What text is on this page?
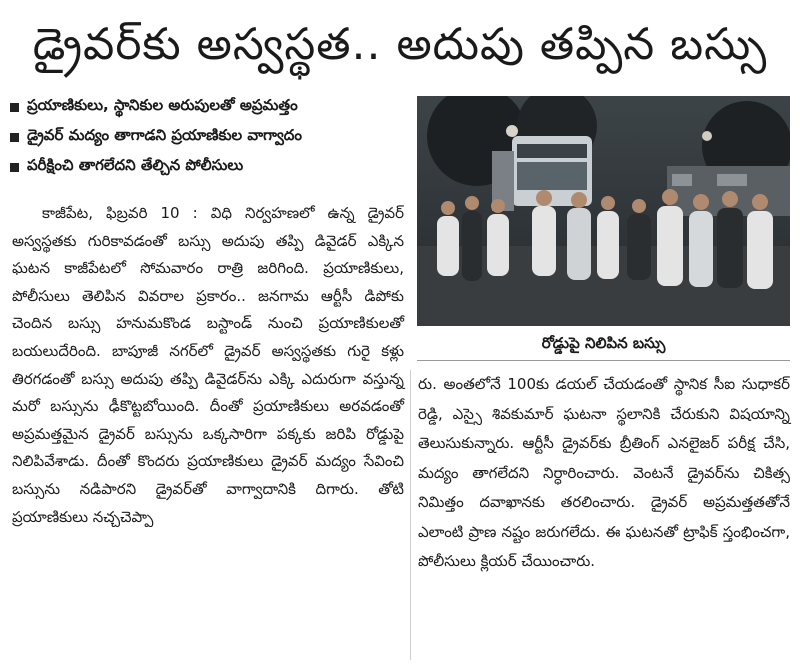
డ్రైవర్‌కు అస్వస్థత.. అదుపు తప్పిన బస్సు
ప్రయాణికులు, స్థానికుల అరుపులతో అప్రమత్తం
డ్రైవర్ మద్యం తాగాడని ప్రయాణికుల వాగ్వాదం
పరీక్షించి తాగలేదని తేల్చిన పోలీసులు
కాజీపేట, ఫిబ్రవరి 10 : విధి నిర్వహణలో ఉన్న డ్రైవర్ అస్వస్థతకు గురికావడంతో బస్సు అదుపు తప్పి డివైడర్ ఎక్కిన ఘటన కాజీపేటలో సోమవారం రాత్రి జరిగింది. ప్రయాణికులు, పోలీసులు తెలిపిన వివరాల ప్రకారం.. జనగామ ఆర్టీసీ డిపోకు చెందిన బస్సు హనుమకొండ బస్టాండ్ నుంచి ప్రయాణికులతో బయలుదేరింది. బాపూజీ నగర్‌లో డ్రైవర్ అస్వస్థతకు గురై కళ్లు తిరగడంతో బస్సు అదుపు తప్పి డివైడర్‌ను ఎక్కి ఎదురుగా వస్తున్న మరో బస్సును ఢీకొట్టబోయింది. దీంతో ప్రయాణికులు అరవడంతో అప్రమత్తమైన డ్రైవర్ బస్సును ఒక్కసారిగా పక్కకు జరిపి రోడ్డుపై నిలిపివేశాడు. దీంతో కొందరు ప్రయాణికులు డ్రైవర్ మద్యం సేవించి బస్సును నడిపారని డ్రైవర్‌తో వాగ్వాదానికి దిగారు. తోటి ప్రయాణికులు నచ్చచెప్పా
రోడ్డుపై నిలిపిన బస్సు
రు. అంతలోనే 100కు డయల్ చేయడంతో స్థానిక సీఐ సుధాకర్ రెడ్డి, ఎస్సై శివకుమార్ ఘటనా స్థలానికి చేరుకుని విషయాన్ని తెలుసుకున్నారు. ఆర్టీసీ డ్రైవర్‌కు బ్రీతింగ్ ఎనలైజర్ పరీక్ష చేసి, మద్యం తాగలేదని నిర్ధారించారు. వెంటనే డ్రైవర్‌ను చికిత్స నిమిత్తం దవాఖానకు తరలించారు. డ్రైవర్ అప్రమత్తతతోనే ఎలాంటి ప్రాణ నష్టం జరుగలేదు. ఈ ఘటనతో ట్రాఫిక్ స్తంభించగా, పోలీసులు క్లియర్ చేయించారు.
